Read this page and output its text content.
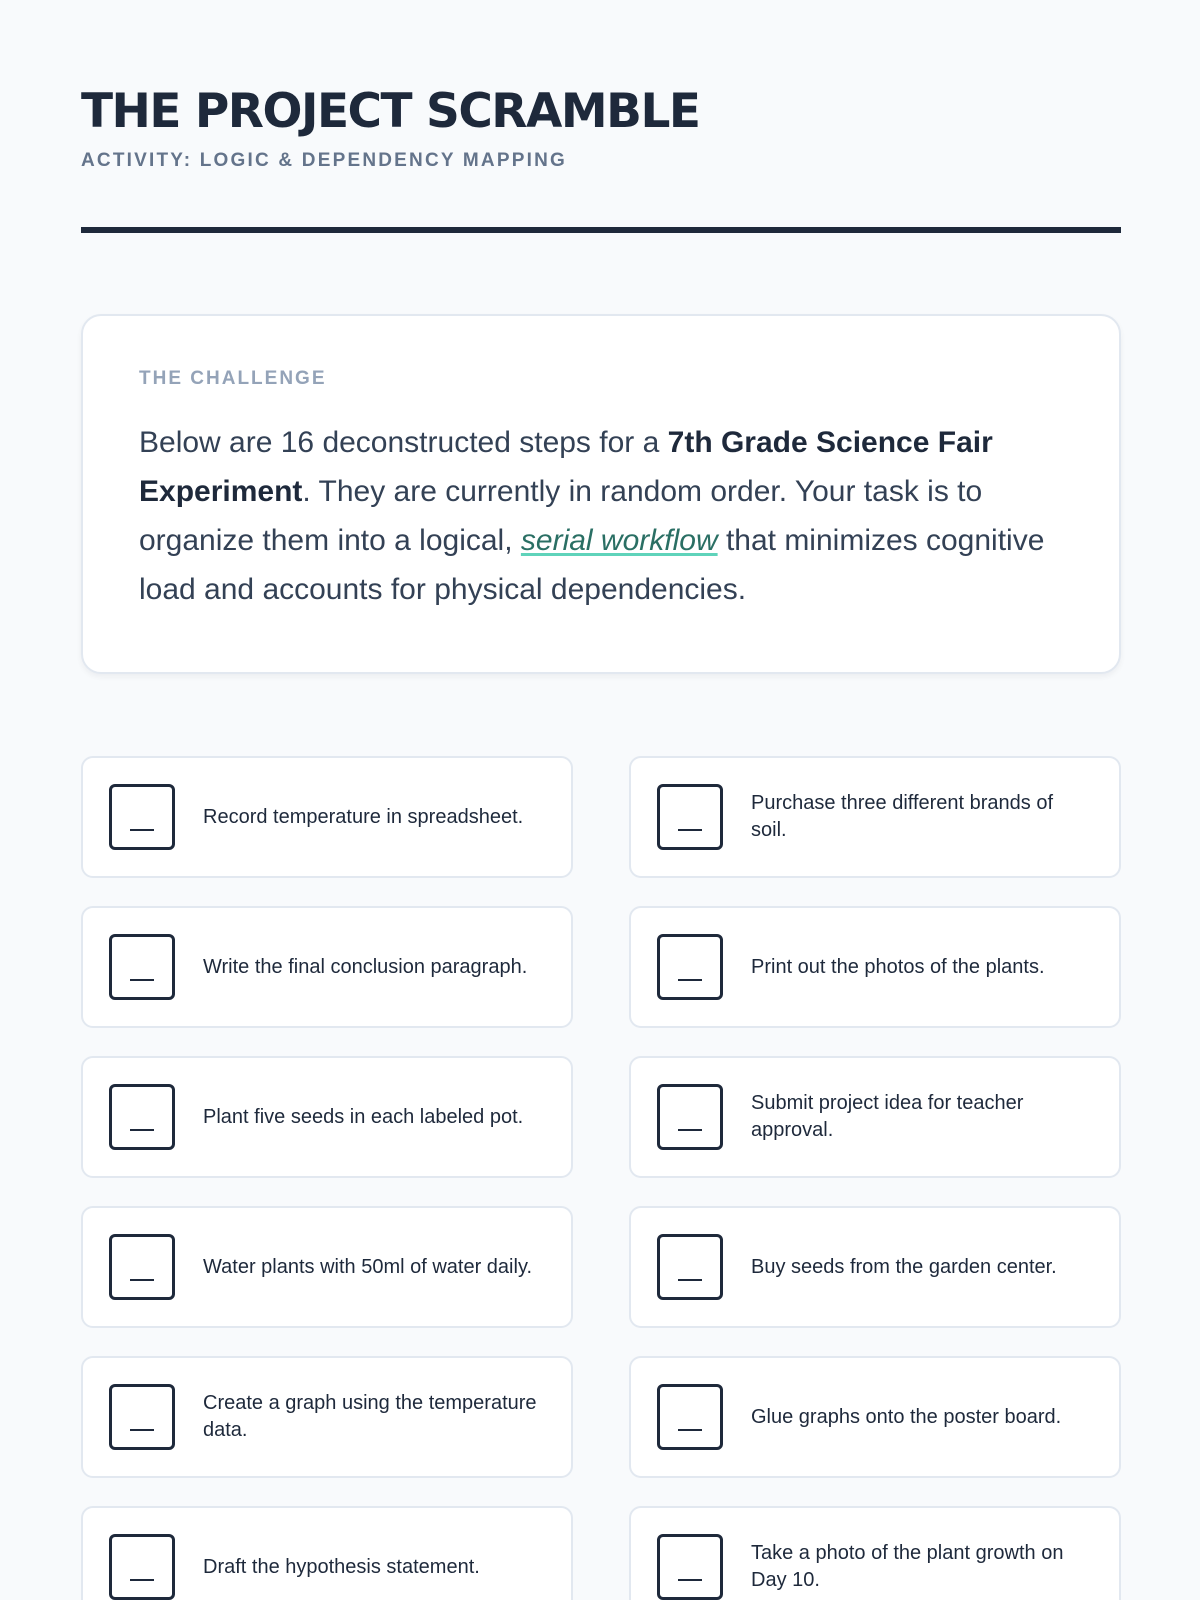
THE PROJECT SCRAMBLE
ACTIVITY: LOGIC & DEPENDENCY MAPPING
THE CHALLENGE

Below are 16 deconstructed steps for a 7th Grade Science Fair Experiment. They are currently in random order. Your task is to organize them into a logical, serial workflow that minimizes cognitive load and accounts for physical dependencies.

Record temperature in spreadsheet.
Purchase three different brands of soil.
Write the final conclusion paragraph.	Print out the photos of the plants.
Plant five seeds in each labeled pot.
Submit project idea for teacher approval.
Water plants with 50ml of water daily.	Buy seeds from the garden center.
Create a graph using the temperature data.
Glue graphs onto the poster board.
Draft the hypothesis statement.
Take a photo of the plant growth on Day 10.
